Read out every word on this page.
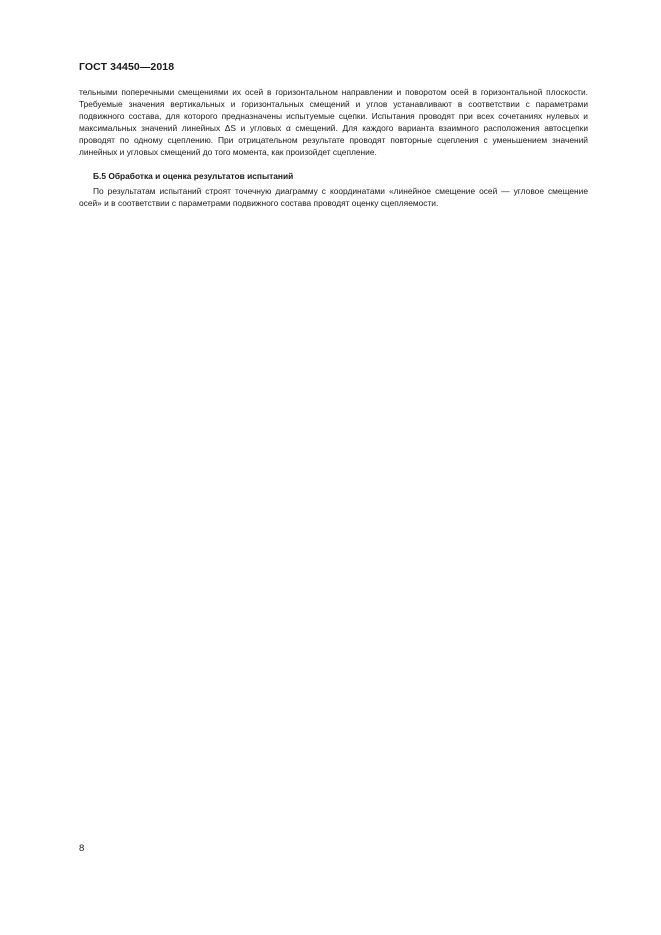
ГОСТ 34450—2018

тельными поперечными смещениями их осей в горизонтальном направлении и поворотом осей в горизонтальной плоскости. Требуемые значения вертикальных и горизонтальных смещений и углов устанавливают в соответствии с параметрами подвижного состава, для которого предназначены испытуемые сцепки. Испытания проводят при всех сочетаниях нулевых и максимальных значений линейных ΔS и угловых α смещений. Для каждого варианта взаимного расположения автосцепки проводят по одному сцеплению. При отрицательном результате проводят повторные сцепления с уменьшением значений линейных и угловых смещений до того момента, как произойдет сцепление.

Б.5 Обработка и оценка результатов испытаний

По результатам испытаний строят точечную диаграмму с координатами «линейное смещение осей — угловое смещение осей» и в соответствии с параметрами подвижного состава проводят оценку сцепляемости.

8
